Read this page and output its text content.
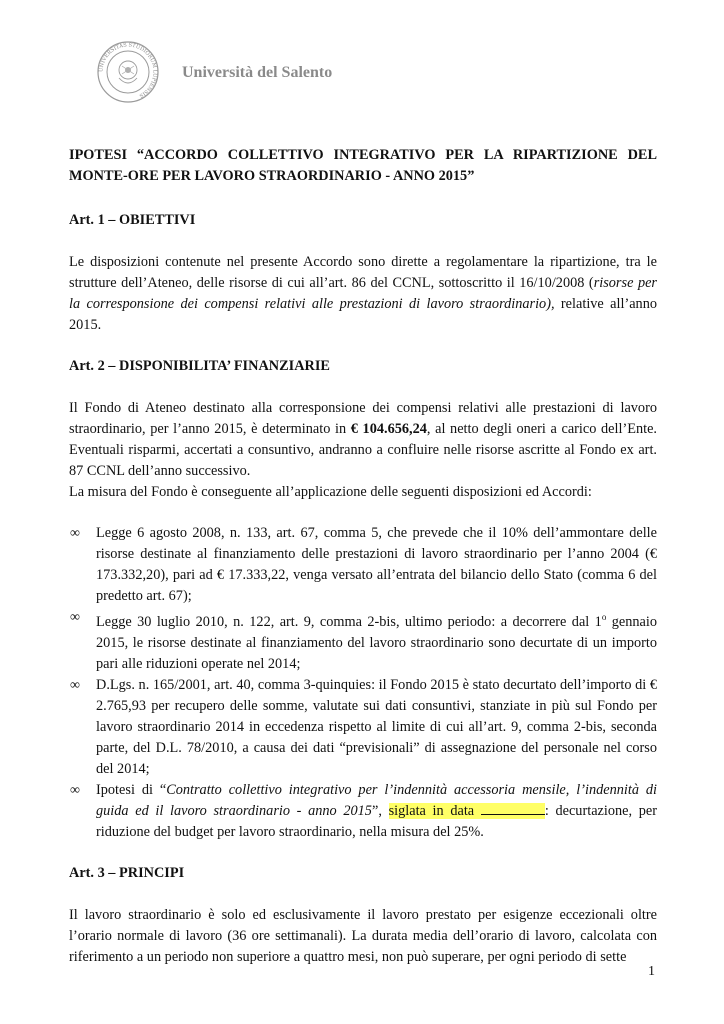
UNIVERSITAS STUDIORUM LUPIENSIS
Università del Salento

IPOTESI “ACCORDO COLLETTIVO INTEGRATIVO PER LA RIPARTIZIONE DEL MONTE-ORE PER LAVORO STRAORDINARIO - ANNO 2015”

Art. 1 – OBIETTIVI

Le disposizioni contenute nel presente Accordo sono dirette a regolamentare la ripartizione, tra le strutture dell’Ateneo, delle risorse di cui all’art. 86 del CCNL, sottoscritto il 16/10/2008 (risorse per la corresponsione dei compensi relativi alle prestazioni di lavoro straordinario), relative all’anno 2015.

Art. 2 – DISPONIBILITA’ FINANZIARIE

Il Fondo di Ateneo destinato alla corresponsione dei compensi relativi alle prestazioni di lavoro straordinario, per l’anno 2015, è determinato in € 104.656,24, al netto degli oneri a carico dell’Ente. Eventuali risparmi, accertati a consuntivo, andranno a confluire nelle risorse ascritte al Fondo ex art. 87 CCNL dell’anno successivo.

La misura del Fondo è conseguente all’applicazione delle seguenti disposizioni ed Accordi:

∞ Legge 6 agosto 2008, n. 133, art. 67, comma 5, che prevede che il 10% dell’ammontare delle risorse destinate al finanziamento delle prestazioni di lavoro straordinario per l’anno 2004 (€ 173.332,20), pari ad € 17.333,22, venga versato all’entrata del bilancio dello Stato (comma 6 del predetto art. 67);
∞ Legge 30 luglio 2010, n. 122, art. 9, comma 2-bis, ultimo periodo: a decorrere dal 1$^o$ gennaio 2015, le risorse destinate al finanziamento del lavoro straordinario sono decurtate di un importo pari alle riduzioni operate nel 2014;
∞ D.Lgs. n. 165/2001, art. 40, comma 3-quinquies: il Fondo 2015 è stato decurtato dell’importo di € 2.765,93 per recupero delle somme, valutate sui dati consuntivi, stanziate in più sul Fondo per lavoro straordinario 2014 in eccedenza rispetto al limite di cui all’art. 9, comma 2-bis, seconda parte, del D.L. 78/2010, a causa dei dati “previsionali” di assegnazione del personale nel corso del 2014;
∞ Ipotesi di “Contratto collettivo integrativo per l’indennità accessoria mensile, l’indennità di guida ed il lavoro straordinario - anno 2015”, siglata in data	: decurtazione, per riduzione del budget per lavoro straordinario, nella misura del 25%.
Art. 3 – PRINCIPI

Il lavoro straordinario è solo ed esclusivamente il lavoro prestato per esigenze eccezionali oltre l’orario normale di lavoro (36 ore settimanali). La durata media dell’orario di lavoro, calcolata con riferimento a un periodo non superiore a quattro mesi, non può superare, per ogni periodo di sette

1
